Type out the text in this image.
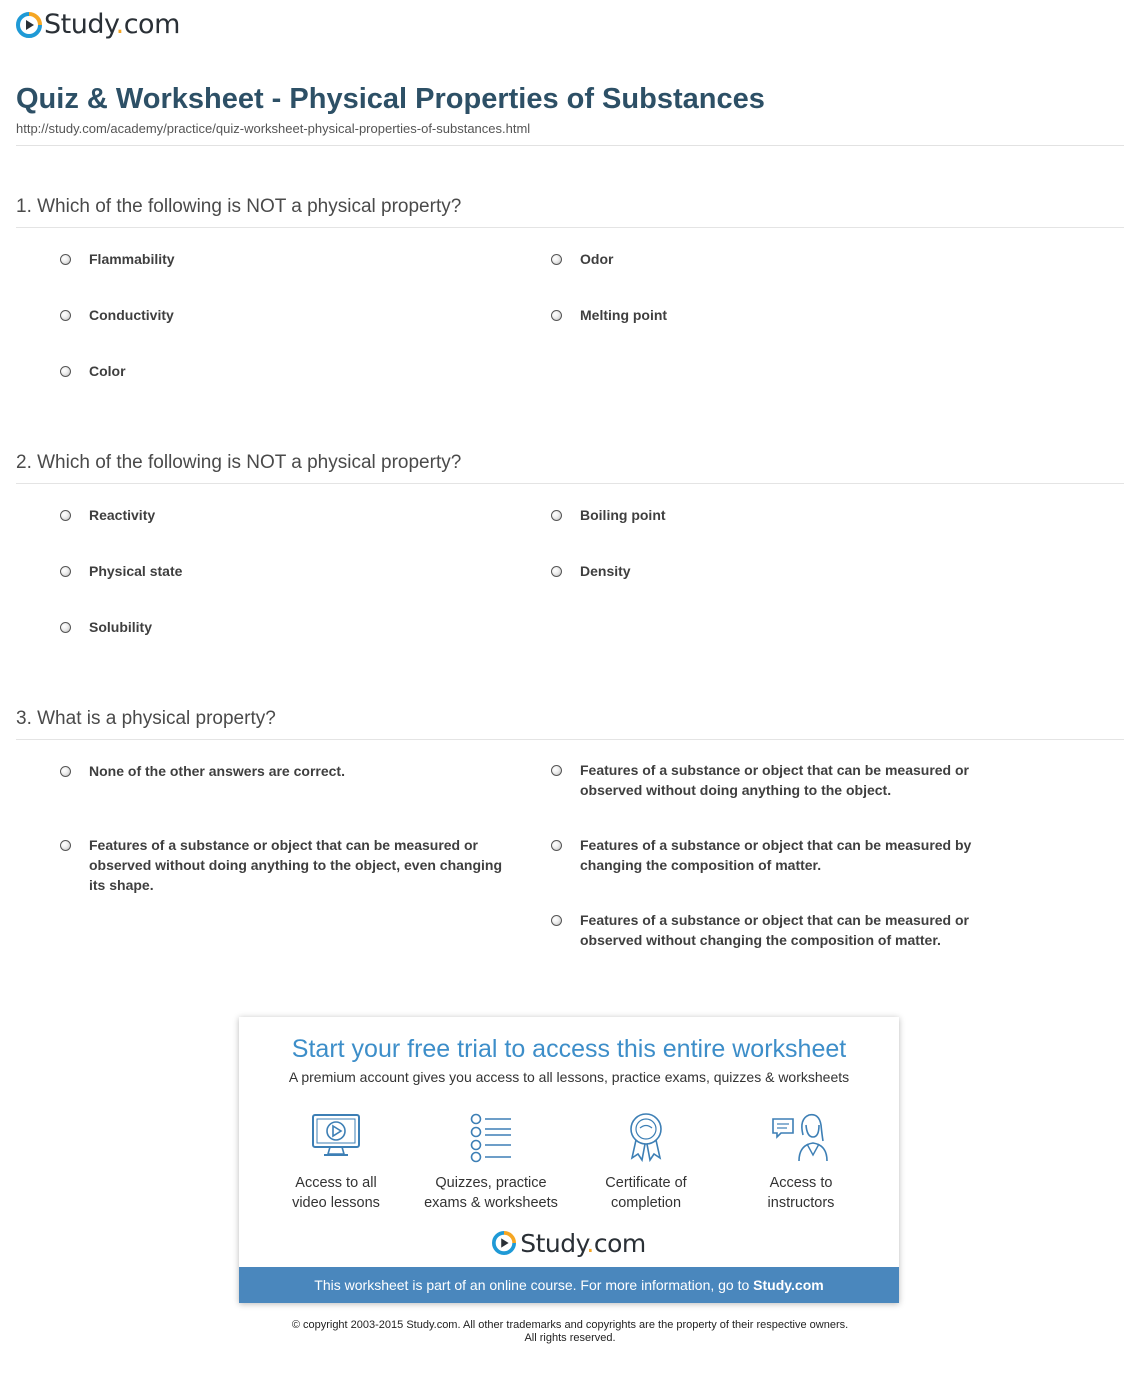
Study.com
Quiz & Worksheet - Physical Properties of Substances
http://study.com/academy/practice/quiz-worksheet-physical-properties-of-substances.html
1. Which of the following is NOT a physical property?
Flammability	Odor
Conductivity	Melting point
Color
2. Which of the following is NOT a physical property?
Reactivity	Boiling point
Physical state	Density
Solubility
3. What is a physical property?
None of the other answers are correct.	Features of a substance or object that can be measured or observed without doing anything to the object.
Features of a substance or object that can be measured or observed without doing anything to the object, even changing its shape.
Features of a substance or object that can be measured by changing the composition of matter.
Features of a substance or object that can be measured or observed without changing the composition of matter.
Start your free trial to access this entire worksheet
A premium account gives you access to all lessons, practice exams, quizzes & worksheets
Access to all
video lessons
Quizzes, practice
exams & worksheets
Certificate of
completion
Access to
instructors
Study.com
This worksheet is part of an online course. For more information, go to Study.com
© copyright 2003-2015 Study.com. All other trademarks and copyrights are the property of their respective owners.
All rights reserved.
